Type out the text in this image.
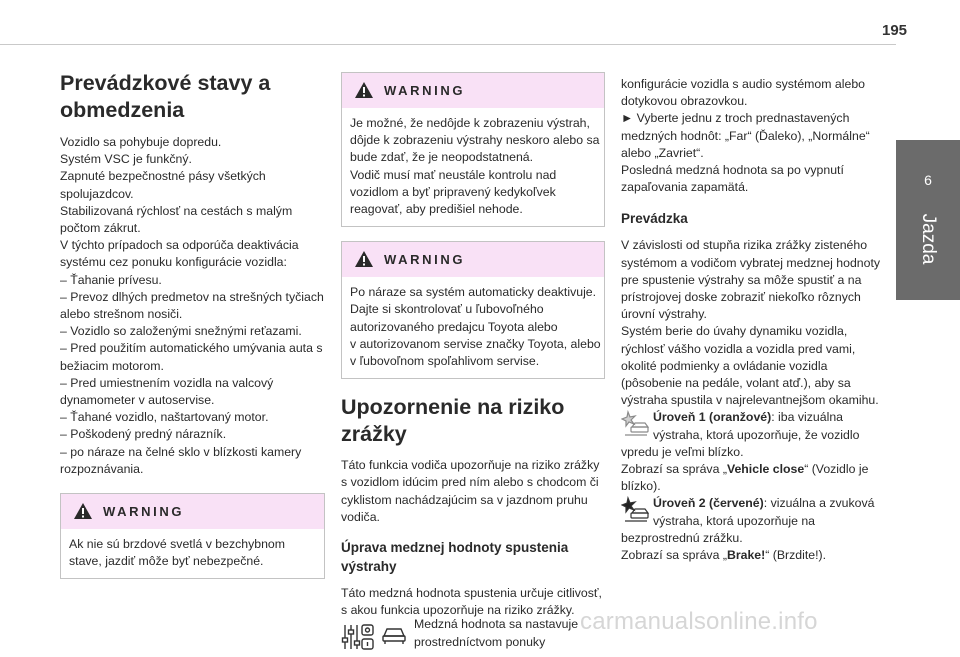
195
6
Jazda
Prevádzkové stavy a
obmedzenia
Vozidlo sa pohybuje dopredu.
Systém VSC je funkčný.
Zapnuté bezpečnostné pásy všetkých
spolujazdcov.
Stabilizovaná rýchlosť na cestách s malým
počtom zákrut.
V týchto prípadoch sa odporúča deaktivácia
systému cez ponuku konfigurácie vozidla:
– Ťahanie prívesu.
– Prevoz dlhých predmetov na strešných tyčiach
alebo strešnom nosiči.
– Vozidlo so založenými snežnými reťazami.
– Pred použitím automatického umývania auta s
bežiacim motorom.
– Pred umiestnením vozidla na valcový
dynamometer v autoservise.
– Ťahané vozidlo, naštartovaný motor.
– Poškodený predný nárazník.
– po náraze na čelné sklo v blízkosti kamery
rozpoznávania.
WARNING
Ak nie sú brzdové svetlá v bezchybnom
stave, jazdiť môže byť nebezpečné.
WARNING
Je možné, že nedôjde k zobrazeniu výstrah,
dôjde k zobrazeniu výstrahy neskoro alebo sa
bude zdať, že je neopodstatnená.
Vodič musí mať neustále kontrolu nad
vozidlom a byť pripravený kedykoľvek
reagovať, aby predišiel nehode.
WARNING
Po náraze sa systém automaticky deaktivuje.
Dajte si skontrolovať u ľubovoľného
autorizovaného predajcu Toyota alebo
v autorizovanom servise značky Toyota, alebo
v ľubovoľnom spoľahlivom servise.
Upozornenie na riziko
zrážky
Táto funkcia vodiča upozorňuje na riziko zrážky
s vozidlom idúcim pred ním alebo s chodcom či
cyklistom nachádzajúcim sa v jazdnom pruhu
vodiča.
Úprava medznej hodnoty spustenia
výstrahy
Táto medzná hodnota spustenia určuje citlivosť,
s akou funkcia upozorňuje na riziko zrážky.
Medzná hodnota sa nastavuje
prostredníctvom ponuky
konfigurácie vozidla s audio systémom alebo
dotykovou obrazovkou.
► Vyberte jednu z troch prednastavených
medzných hodnôt: „Far“ (Ďaleko), „Normálne“
alebo „Zavriet“.
Posledná medzná hodnota sa po vypnutí
zapaľovania zapamätá.
Prevádzka
V závislosti od stupňa rizika zrážky zisteného
systémom a vodičom vybratej medznej hodnoty
pre spustenie výstrahy sa môže spustiť a na
prístrojovej doske zobraziť niekoľko rôznych
úrovní výstrahy.
Systém berie do úvahy dynamiku vozidla,
rýchlosť vášho vozidla a vozidla pred vami,
okolité podmienky a ovládanie vozidla
(pôsobenie na pedále, volant atď.), aby sa
výstraha spustila v najrelevantnejšom okamihu.
Úroveň 1 (oranžové): iba vizuálna
výstraha, ktorá upozorňuje, že vozidlo
vpredu je veľmi blízko.
Zobrazí sa správa „Vehicle close“ (Vozidlo je
blízko).
Úroveň 2 (červené): vizuálna a zvuková
výstraha, ktorá upozorňuje na
bezprostrednú zrážku.
Zobrazí sa správa „Brake!“ (Brzdite!).
carmanualsonline.info
